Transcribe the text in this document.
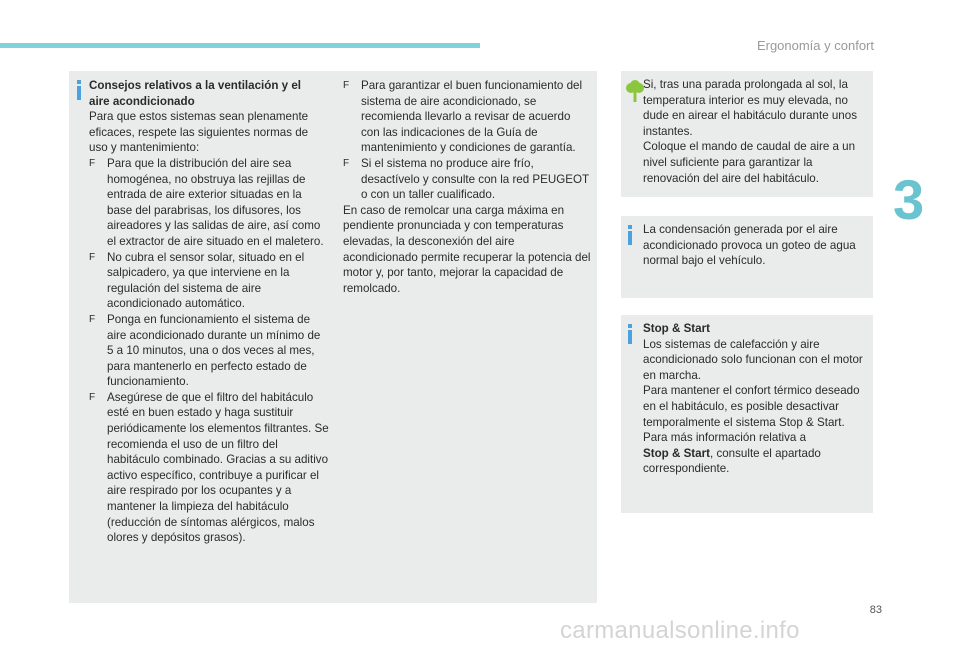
Ergonomía y confort
3

Consejos relativos a la ventilación y el

aire acondicionado

Para que estos sistemas sean plenamente eficaces, respete las siguientes normas de uso y mantenimiento:

F Para que la distribución del aire sea homogénea, no obstruya las rejillas de entrada de aire exterior situadas en la base del parabrisas, los difusores, los aireadores y las salidas de aire, así como el extractor de aire situado en el maletero.

F No cubra el sensor solar, situado en el salpicadero, ya que interviene en la regulación del sistema de aire acondicionado automático.

F Ponga en funcionamiento el sistema de aire acondicionado durante un mínimo de 5 a 10 minutos, una o dos veces al mes, para mantenerlo en perfecto estado de funcionamiento.

F Asegúrese de que el filtro del habitáculo esté en buen estado y haga sustituir periódicamente los elementos filtrantes. Se recomienda el uso de un filtro del habitáculo combinado. Gracias a su aditivo activo específico, contribuye a purificar el aire respirado por los ocupantes y a mantener la limpieza del habitáculo (reducción de síntomas alérgicos, malos olores y depósitos grasos).

F Para garantizar el buen funcionamiento del sistema de aire acondicionado, se recomienda llevarlo a revisar de acuerdo con las indicaciones de la Guía de mantenimiento y condiciones de garantía.

F Si el sistema no produce aire frío, desactívelo y consulte con la red PEUGEOT o con un taller cualificado.

En caso de remolcar una carga máxima en pendiente pronunciada y con temperaturas elevadas, la desconexión del aire acondicionado permite recuperar la potencia del motor y, por tanto, mejorar la capacidad de remolcado.

Si, tras una parada prolongada al sol, la temperatura interior es muy elevada, no dude en airear el habitáculo durante unos instantes.

Coloque el mando de caudal de aire a un nivel suficiente para garantizar la renovación del aire del habitáculo.

La condensación generada por el aire acondicionado provoca un goteo de agua normal bajo el vehículo.

Stop & Start

Los sistemas de calefacción y aire acondicionado solo funcionan con el motor en marcha.

Para mantener el confort térmico deseado en el habitáculo, es posible desactivar temporalmente el sistema Stop & Start.

Para más información relativa a

Stop & Start, consulte el apartado correspondiente.

83
carmanualsonline.info
